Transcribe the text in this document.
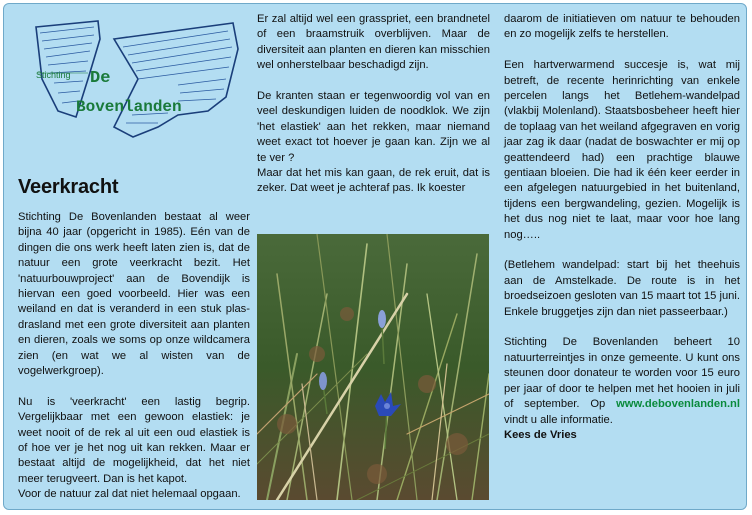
Stichting De
Bovenlanden
Veerkracht

Stichting De Bovenlanden bestaat al weer bijna 40 jaar (opgericht in 1985). Eén van de dingen die ons werk heeft laten zien is, dat de natuur een grote veerkracht bezit. Het 'natuurbouwproject' aan de Bovendijk is hiervan een goed voorbeeld. Hier was een weiland en dat is veranderd in een stuk plas-drasland met een grote diversiteit aan planten en dieren, zoals we soms op onze wildcamera zien (en wat we al wisten van de vogelwerkgroep).

Nu is 'veerkracht' een lastig begrip. Vergelijkbaar met een gewoon elastiek: je weet nooit of de rek al uit een oud elastiek is of hoe ver je het nog uit kan rekken. Maar er bestaat altijd de mogelijkheid, dat het niet meer terugveert. Dan is het kapot.

Voor de natuur zal dat niet helemaal opgaan.

Er zal altijd wel een grasspriet, een brandnetel of een braamstruik overblijven. Maar de diversiteit aan planten en dieren kan misschien wel onherstelbaar beschadigd zijn.

De kranten staan er tegenwoordig vol van en veel deskundigen luiden de noodklok. We zijn 'het elastiek' aan het rekken, maar niemand weet exact tot hoever je gaan kan. Zijn we al te ver ?

Maar dat het mis kan gaan, de rek eruit, dat is zeker. Dat weet je achteraf pas. Ik koester

daarom de initiatieven om natuur te behouden en zo mogelijk zelfs te herstellen.

Een hartverwarmend succesje is, wat mij betreft, de recente herinrichting van enkele percelen langs het Betlehem-wandelpad (vlakbij Molenland). Staatsbosbeheer heeft hier de toplaag van het weiland afgegraven en vorig jaar zag ik daar (nadat de boswachter er mij op geattendeerd had) een prachtige blauwe gentiaan bloeien. Die had ik één keer eerder in een afgelegen natuurgebied in het buitenland, tijdens een bergwandeling, gezien. Mogelijk is het dus nog niet te laat, maar voor hoe lang nog…..

(Betlehem wandelpad: start bij het theehuis aan de Amstelkade. De route is in het broedseizoen gesloten van 15 maart tot 15 juni. Enkele bruggetjes zijn dan niet passeerbaar.)

Stichting De Bovenlanden beheert 10 natuurterreintjes in onze gemeente. U kunt ons steunen door donateur te worden voor 15 euro per jaar of door te helpen met het hooien in juli of september. Op www.debovenlanden.nl vindt u alle informatie.

Kees de Vries
